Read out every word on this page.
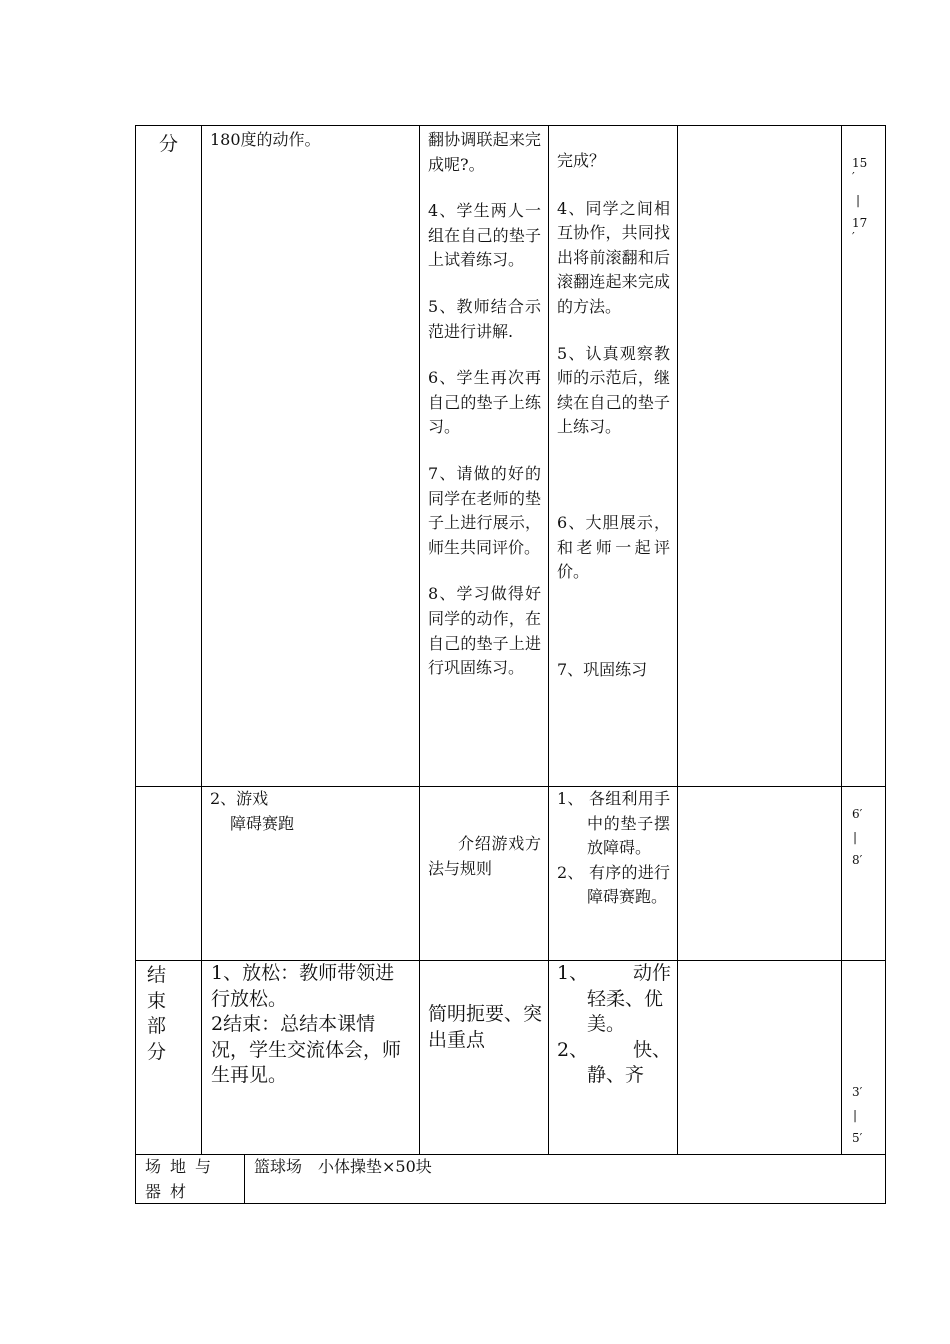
分	180度的动作。	翻协调联起来完成呢?。

4、学生两人一组在自己的垫子上试着练习。

5、教师结合示范进行讲解.

6、学生再次再自己的垫子上练习。

7、请做的好的同学在老师的垫子上进行展示，师生共同评价。

8、学习做得好同学的动作，在自己的垫子上进行巩固练习。

完成？

4、同学之间相互协作，共同找出将前滚翻和后滚翻连起来完成的方法。

5、认真观察教师的示范后，继续在自己的垫子上练习。

6、大胆展示，和老师一起评价。

7、巩固练习

15
′
|
17
′

2、游戏

障碍赛跑

介绍游戏方法与规则

1、 各组利用手中的垫子摆放障碍。

2、 有序的进行障碍赛跑。

6′
|
8′
结束部分

1、放松：教师带领进行放松。

2结束：总结本课情况，学生交流体会，师生再见。

简明扼要、突出重点
1、 动作
轻柔、优美。
2、 快、
静、齐
3′
|
5′
场地与器材
篮球场　小体操垫×50块
